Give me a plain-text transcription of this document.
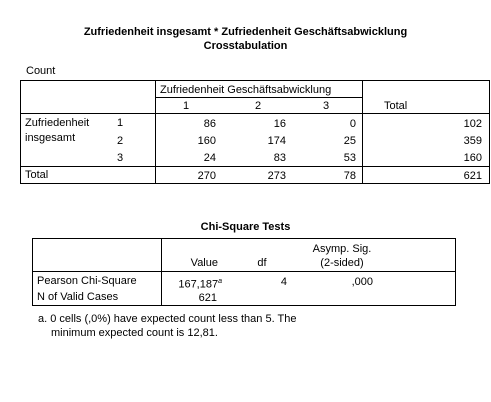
Zufriedenheit insgesamt * Zufriedenheit Geschäftsabwicklung
Crosstabulation
Count
Zufriedenheit Geschäftsabwicklung
1	2	3	Total
Zufriedenheit
insgesamt
1	86	16	0	102
2	160	174	25	359
3	24	83	53	160
Total	270	273	78	621
Chi-Square Tests
Value	df
Asymp. Sig.
(2-sided)
Pearson Chi-Square	167,187$^a$	4	,000
N of Valid Cases	621
a. 0 cells (,0%) have expected count less than 5. The
minimum expected count is 12,81.
